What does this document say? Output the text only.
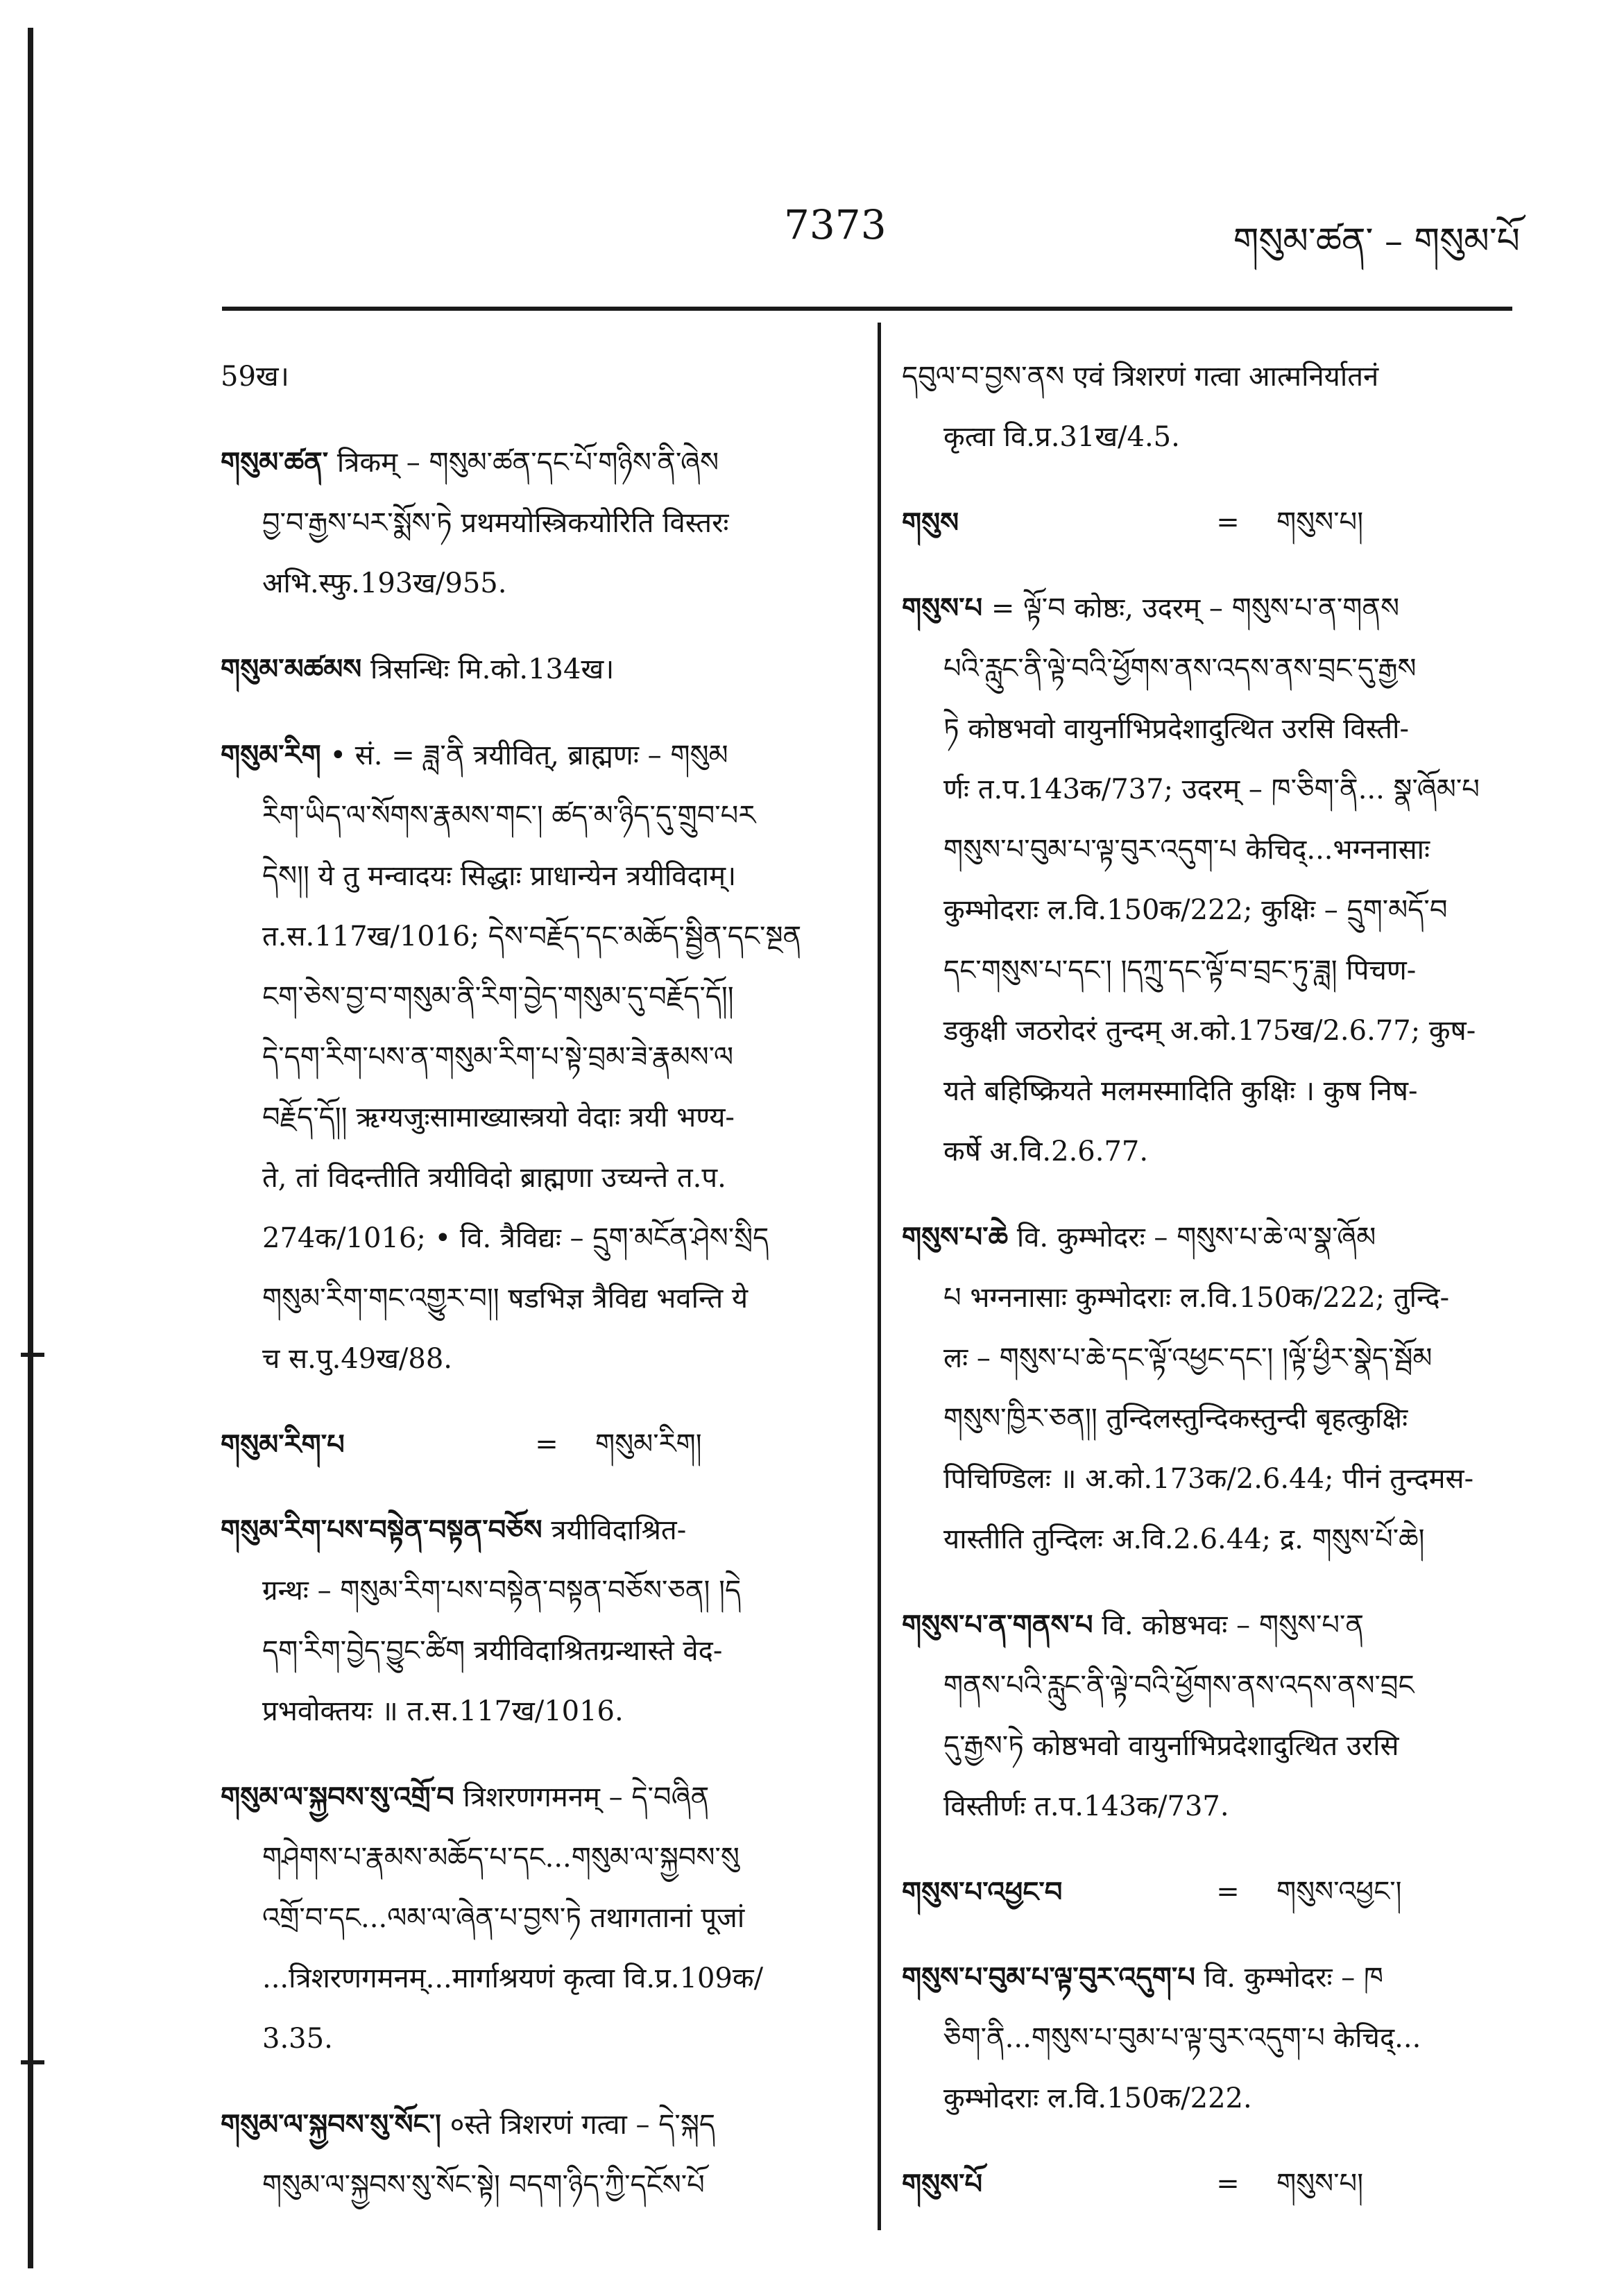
7373	གསུམ་ཚན་ – གསུམ་པོ
59ख।
གསུམ་ཚན་ त्रिकम् – གསུམ་ཚན་དང་པོ་གཉིས་ནི་ཞེས
བྱ་བ་རྒྱས་པར་སྨོས་ཏེ प्रथमयोस्त्रिकयोरिति विस्तरः
अभि.स्फु.193ख/955.
གསུམ་མཚམས त्रिसन्धिः मि.को.134ख।
གསུམ་རིག • सं. = ཟླ་ནི त्रयीवित्, ब्राह्मणः – གསུམ
རིག་ཡིད་ལ་སོགས་རྣམས་གང་། ཚད་མ་ཉིད་དུ་གྲུབ་པར
དེས།། ये तु मन्वादयः सिद्धाः प्राधान्येन त्रयीविदाम्।
त.स.117ख/1016; དེས་བརྗོད་དང་མཆོད་སྦྱིན་དང་སྔན
ངག་ཅེས་བྱ་བ་གསུམ་ནི་རིག་བྱེད་གསུམ་དུ་བརྗོད་དོ།།
དེ་དག་རིག་པས་ན་གསུམ་རིག་པ་སྟེ་བྲམ་ཟེ་རྣམས་ལ
བརྗོད་དོ།། ऋग्यजुःसामाख्यास्त्रयो वेदाः त्रयी भण्य-
ते, तां विदन्तीति त्रयीविदो ब्राह्मणा उच्यन्ते त.प.
274क/1016; • वि. त्रैविद्यः – དྲུག་མངོན་ཤེས་སྲིད
གསུམ་རིག་གང་འགྱུར་བ།། षडभिज्ञ त्रैविद्य भवन्ति ये
च स.पु.49ख/88.
གསུམ་རིག་པ	=	གསུམ་རིག།
གསུམ་རིག་པས་བསྟེན་བསྟན་བཅོས त्रयीविदाश्रित-
ग्रन्थः – གསུམ་རིག་པས་བསྟེན་བསྟན་བཅོས་ཅན། །དེ
དག་རིག་བྱེད་བྱུང་ཚིག त्रयीविदाश्रितग्रन्थास्ते वेद-
प्रभवोक्तयः ॥ त.स.117ख/1016.
གསུམ་ལ་སྐྱབས་སུ་འགྲོ་བ त्रिशरणगमनम् – དེ་བཞིན
གཤེགས་པ་རྣམས་མཆོད་པ་དང...གསུམ་ལ་སྐྱབས་སུ
འགྲོ་བ་དང...ལམ་ལ་ཞེན་པ་བྱས་ཏེ तथागतानां पूजां
...त्रिशरणगमनम्...मार्गाश्रयणं कृत्वा वि.प्र.109क/
3.35.
གསུམ་ལ་སྐྱབས་སུ་སོང་། ०स्ते त्रिशरणं गत्वा – དེ་སྐད
གསུམ་ལ་སྐྱབས་སུ་སོང་སྟེ། བདག་ཉིད་ཀྱི་དངོས་པོ
དབུལ་བ་བྱས་ནས एवं त्रिशरणं गत्वा आत्मनिर्यातनं
कृत्वा वि.प्र.31ख/4.5.
གསུས	=	གསུས་པ།
གསུས་པ = ལྟོ་བ कोष्ठः, उदरम् – གསུས་པ་ན་གནས
པའི་རླུང་ནི་ལྟེ་བའི་ཕྱོགས་ནས་འདས་ནས་བྲང་དུ་རྒྱས
ཏེ कोष्ठभवो वायुर्नाभिप्रदेशादुत्थित उरसि विस्ती-
र्णः त.प.143क/737; उदरम् – ཁ་ཅིག་ནི... སྣ་ཞོམ་པ
གསུས་པ་བུམ་པ་ལྟ་བུར་འདུག་པ केचिद्...भग्ननासाः
कुम्भोदराः ल.वि.150क/222; कुक्षिः – དྲུག་མདོ་བ
དང་གསུས་པ་དང་། །དཀྲུ་དང་ལྟོ་བ་བྲང་ཏུ་ཟླ། पिचण-
डकुक्षी जठरोदरं तुन्दम् अ.को.175ख/2.6.77; कुष-
यते बहिष्क्रियते मलमस्मादिति कुक्षिः । कुष निष-
कर्षे अ.वि.2.6.77.
གསུས་པ་ཆེ वि. कुम्भोदरः – གསུས་པ་ཆེ་ལ་སྣ་ཞོམ
པ भग्ननासाः कुम्भोदराः ल.वि.150क/222; तुन्दि-
लः – གསུས་པ་ཆེ་དང་ལྟོ་འཕྱང་དང་། །ལྟོ་ཕྱིར་སྣེད་སྦོམ
གསུས་ཁྱིར་ཅན།། तुन्दिलस्तुन्दिकस्तुन्दी बृहत्कुक्षिः
पिचिण्डिलः ॥ अ.को.173क/2.6.44; पीनं तुन्दमस-
यास्तीति तुन्दिलः अ.वि.2.6.44; द्र. གསུས་པོ་ཆེ།
གསུས་པ་ན་གནས་པ वि. कोष्ठभवः – གསུས་པ་ན
གནས་པའི་རླུང་ནི་ལྟེ་བའི་ཕྱོགས་ནས་འདས་ནས་བྲང
དུ་རྒྱས་ཏེ कोष्ठभवो वायुर्नाभिप्रदेशादुत्थित उरसि
विस्तीर्णः त.प.143क/737.
གསུས་པ་འཕྱང་བ	=	གསུས་འཕྱང་།
གསུས་པ་བུམ་པ་ལྟ་བུར་འདུག་པ वि. कुम्भोदरः – ཁ
ཅིག་ནི...གསུས་པ་བུམ་པ་ལྟ་བུར་འདུག་པ केचिद्...
कुम्भोदराः ल.वि.150क/222.
གསུས་པོ	=	གསུས་པ།
